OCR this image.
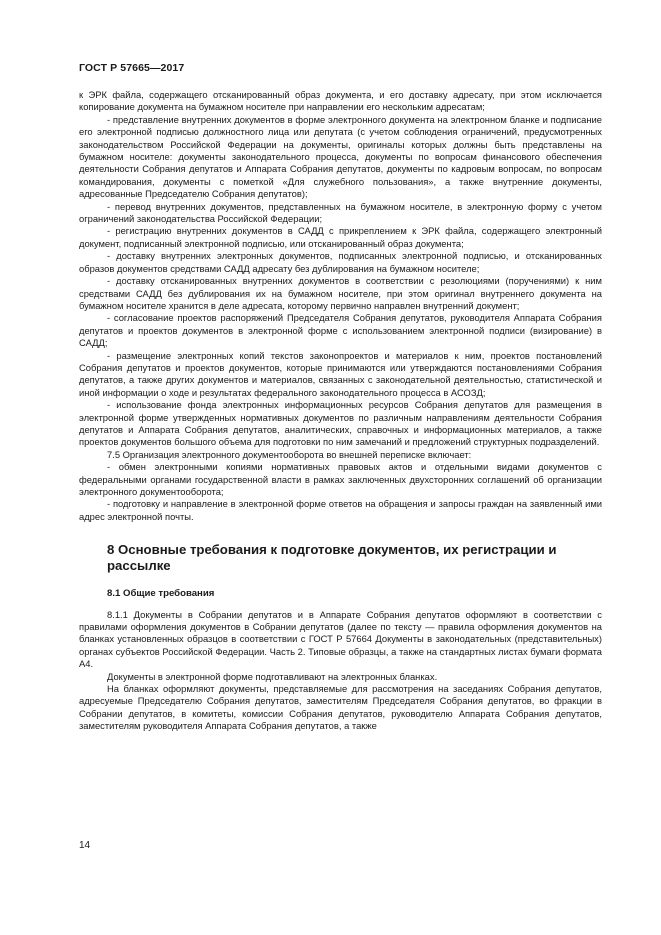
ГОСТ Р 57665—2017

к ЭРК файла, содержащего отсканированный образ документа, и его доставку адресату, при этом исключается копирование документа на бумажном носителе при направлении его нескольким адресатам;

- представление внутренних документов в форме электронного документа на электронном бланке и подписание его электронной подписью должностного лица или депутата (с учетом соблюдения ограничений, предусмотренных законодательством Российской Федерации на документы, оригиналы которых должны быть представлены на бумажном носителе: документы законодательного процесса, документы по вопросам финансового обеспечения деятельности Собрания депутатов и Аппарата Собрания депутатов, документы по кадровым вопросам, по вопросам командирования, документы с пометкой «Для служебного пользования», а также внутренние документы, адресованные Председателю Собрания депутатов);

- перевод внутренних документов, представленных на бумажном носителе, в электронную форму с учетом ограничений законодательства Российской Федерации;

- регистрацию внутренних документов в САДД с прикреплением к ЭРК файла, содержащего электронный документ, подписанный электронной подписью, или отсканированный образ документа;

- доставку внутренних электронных документов, подписанных электронной подписью, и отсканированных образов документов средствами САДД адресату без дублирования на бумажном носителе;

- доставку отсканированных внутренних документов в соответствии с резолюциями (поручениями) к ним средствами САДД без дублирования их на бумажном носителе, при этом оригинал внутреннего документа на бумажном носителе хранится в деле адресата, которому первично направлен внутренний документ;

- согласование проектов распоряжений Председателя Собрания депутатов, руководителя Аппарата Собрания депутатов и проектов документов в электронной форме с использованием электронной подписи (визирование) в САДД;

- размещение электронных копий текстов законопроектов и материалов к ним, проектов постановлений Собрания депутатов и проектов документов, которые принимаются или утверждаются постановлениями Собрания депутатов, а также других документов и материалов, связанных с законодательной деятельностью, статистической и иной информации о ходе и результатах федерального законодательного процесса в АСОЗД;

- использование фонда электронных информационных ресурсов Собрания депутатов для размещения в электронной форме утвержденных нормативных документов по различным направлениям деятельности Собрания депутатов и Аппарата Собрания депутатов, аналитических, справочных и информационных материалов, а также проектов документов большого объема для подготовки по ним замечаний и предложений структурных подразделений.

7.5 Организация электронного документооборота во внешней переписке включает:

- обмен электронными копиями нормативных правовых актов и отдельными видами документов с федеральными органами государственной власти в рамках заключенных двухсторонних соглашений об организации электронного документооборота;

- подготовку и направление в электронной форме ответов на обращения и запросы граждан на заявленный ими адрес электронной почты.

8 Основные требования к подготовке документов, их регистрации и рассылке
8.1 Общие требования

8.1.1 Документы в Собрании депутатов и в Аппарате Собрания депутатов оформляют в соответствии с правилами оформления документов в Собрании депутатов (далее по тексту — правила оформления документов на бланках установленных образцов в соответствии с ГОСТ Р 57664 Документы в законодательных (представительных) органах субъектов Российской Федерации. Часть 2. Типовые образцы, а также на стандартных листах бумаги формата А4.

Документы в электронной форме подготавливают на электронных бланках.

На бланках оформляют документы, представляемые для рассмотрения на заседаниях Собрания депутатов, адресуемые Председателю Собрания депутатов, заместителям Председателя Собрания депутатов, во фракции в Собрании депутатов, в комитеты, комиссии Собрания депутатов, руководителю Аппарата Собрания депутатов, заместителям руководителя Аппарата Собрания депутатов, а также

14
